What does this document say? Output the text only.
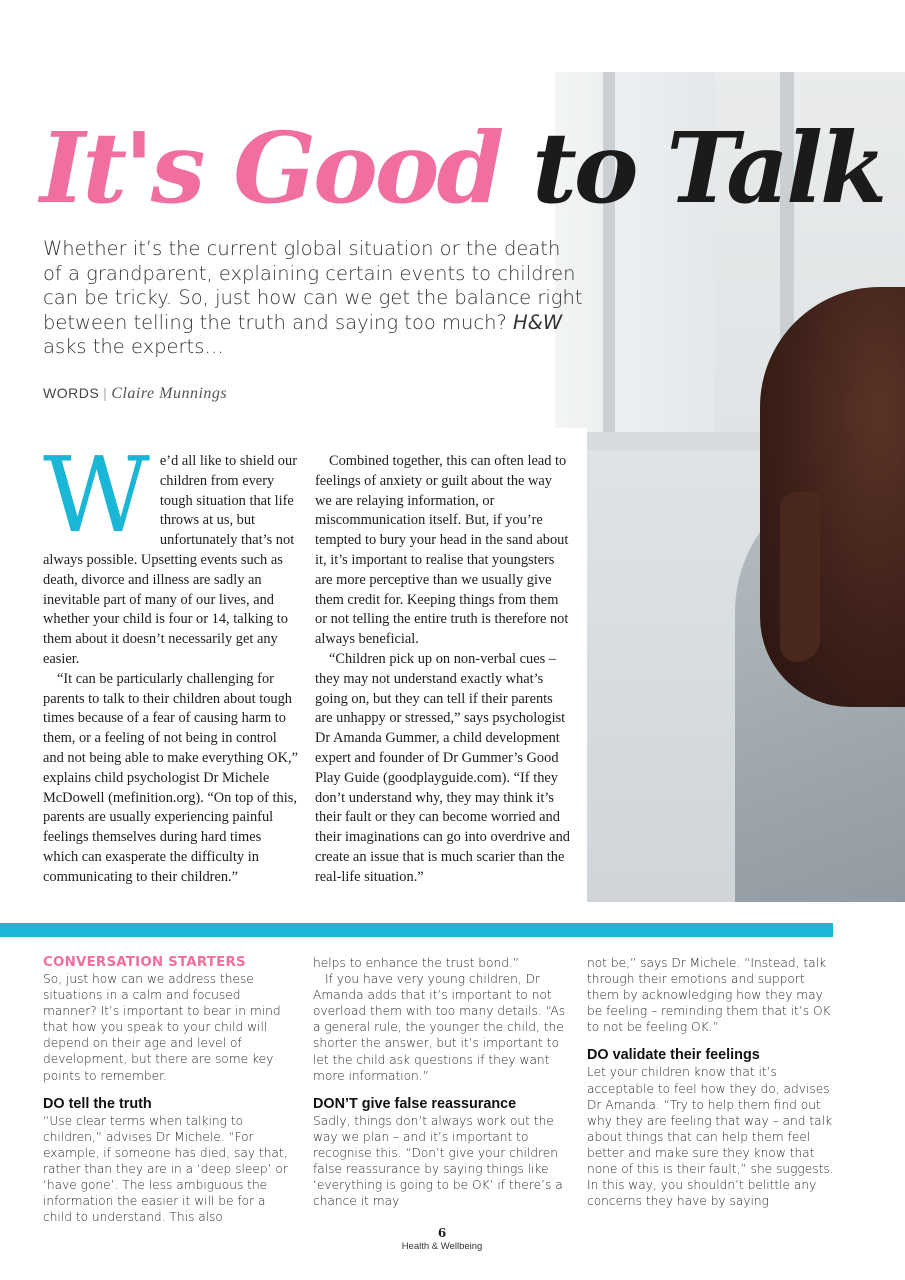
It's Good to Talk

Whether it’s the current global situation or the death of a grandparent, explaining certain events to children can be tricky. So, just how can we get the balance right between telling the truth and saying too much? H&W asks the experts…

WORDS | Claire Munnings
W e’d all like to shield our children from every tough situation that life throws at us, but unfortunately that’s not always possible. Upsetting events such as death, divorce and illness are sadly an inevitable part of many of our lives, and whether your child is four or 14, talking to them about it doesn’t necessarily get any easier.

“It can be particularly challenging for parents to talk to their children about tough times because of a fear of causing harm to them, or a feeling of not being in control and not being able to make everything OK,” explains child psychologist Dr Michele McDowell (mefinition.org). “On top of this, parents are usually experiencing painful feelings themselves during hard times which can exasperate the difficulty in communicating to their children.”

Combined together, this can often lead to feelings of anxiety or guilt about the way we are relaying information, or miscommunication itself. But, if you’re tempted to bury your head in the sand about it, it’s important to realise that youngsters are more perceptive than we usually give them credit for. Keeping things from them or not telling the entire truth is therefore not always beneficial.

“Children pick up on non-verbal cues – they may not understand exactly what’s going on, but they can tell if their parents are unhappy or stressed,” says psychologist Dr Amanda Gummer, a child development expert and founder of Dr Gummer’s Good Play Guide (goodplayguide.com). “If they don’t understand why, they may think it’s their fault or they can become worried and their imaginations can go into overdrive and create an issue that is much scarier than the real-life situation.”

CONVERSATION STARTERS

So, just how can we address these situations in a calm and focused manner? It’s important to bear in mind that how you speak to your child will depend on their age and level of development, but there are some key points to remember.

DO tell the truth

“Use clear terms when talking to children,” advises Dr Michele. “For example, if someone has died, say that, rather than they are in a ‘deep sleep’ or ‘have gone’. The less ambiguous the information the easier it will be for a child to understand. This also

helps to enhance the trust bond.”

If you have very young children, Dr Amanda adds that it’s important to not overload them with too many details. “As a general rule, the younger the child, the shorter the answer, but it’s important to let the child ask questions if they want more information.”

DON’T give false reassurance

Sadly, things don’t always work out the way we plan – and it’s important to recognise this. “Don’t give your children false reassurance by saying things like ‘everything is going to be OK’ if there’s a chance it may

not be,” says Dr Michele. “Instead, talk through their emotions and support them by acknowledging how they may be feeling – reminding them that it’s OK to not be feeling OK.”

DO validate their feelings

Let your children know that it’s acceptable to feel how they do, advises Dr Amanda. “Try to help them find out why they are feeling that way – and talk about things that can help them feel better and make sure they know that none of this is their fault,” she suggests. In this way, you shouldn’t belittle any concerns they have by saying

6
Health & Wellbeing
